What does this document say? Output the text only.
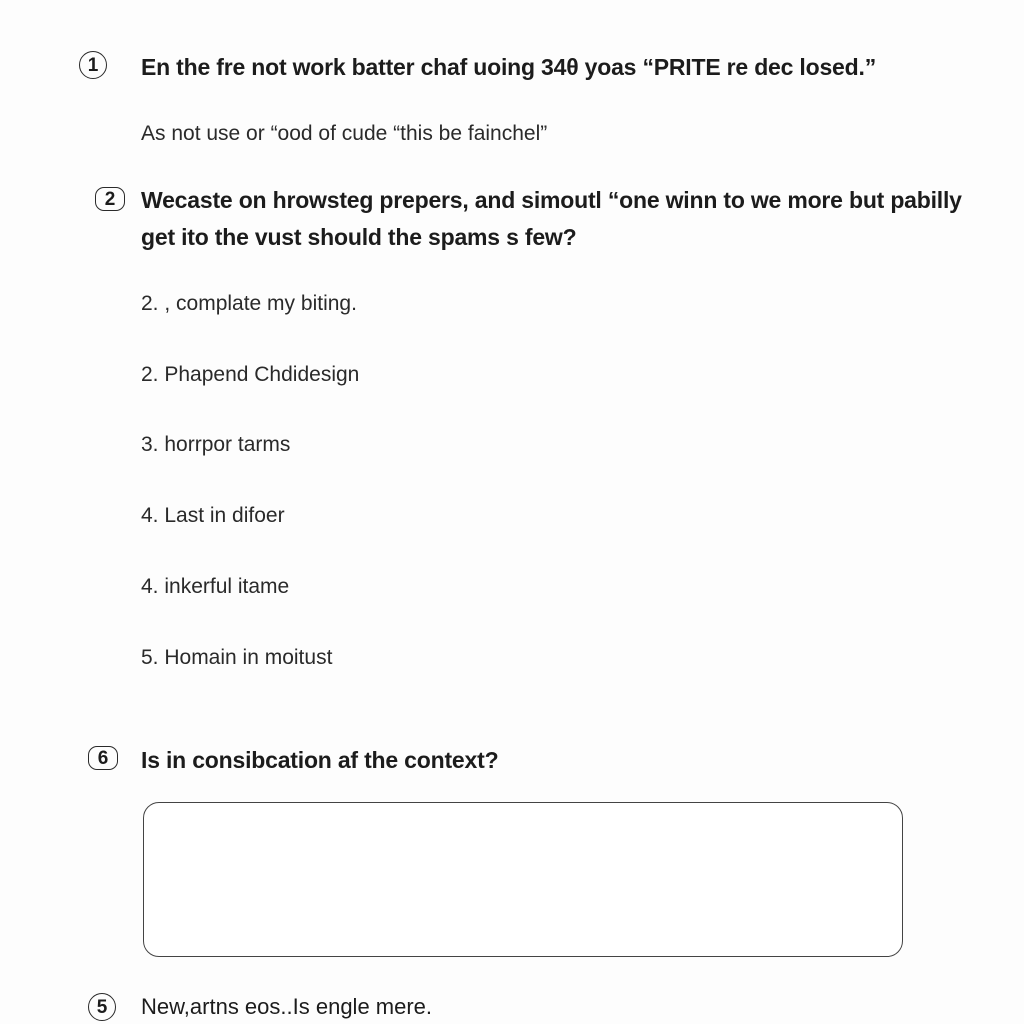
1 En the fre not work batter chaf uoing 34θ yoas “PRITE re dec losed.”
As not use or “ood of cude “this be fainchel”
2 Wecaste on hrowsteg prepers, and simoutl “one winn to we more but pabilly
get ito the vust should the spams s few?
2. , complate my biting.
2. Phapend Chdidesign
3. horrpor tarms
4. Last in difoer
4. inkerful itame
5. Homain in moitust
6 Is in consibcation af the context?
5 New,artns eos..Is engle mere.
